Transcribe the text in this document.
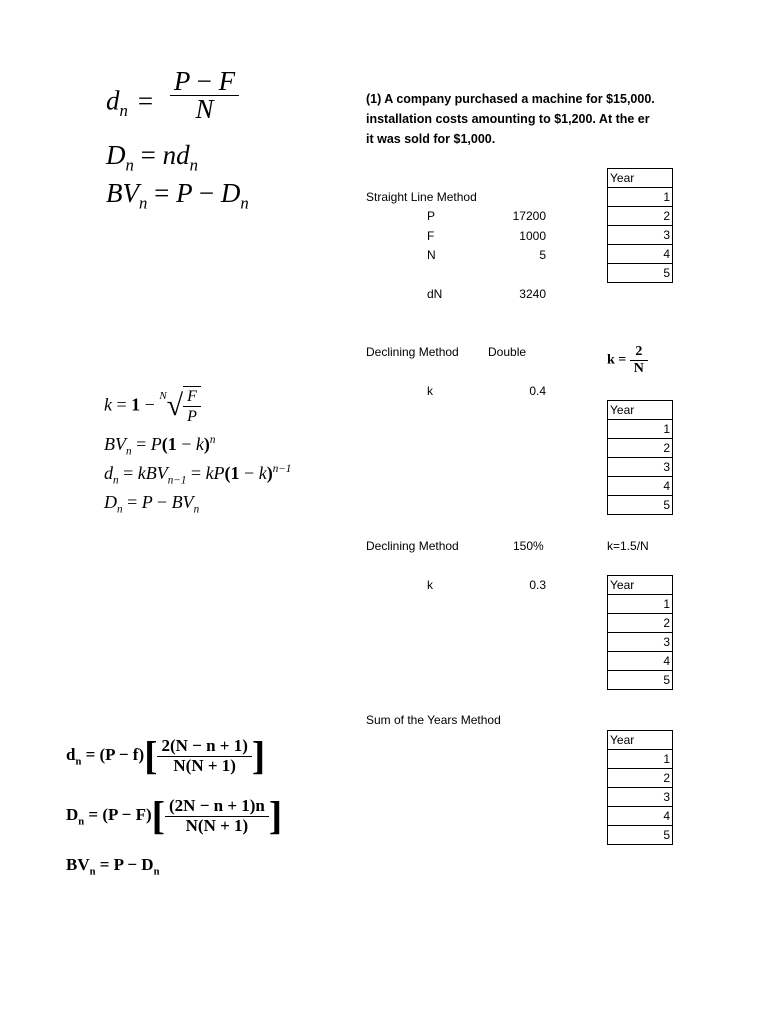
$d_n = \frac{P - F}{N}$
$D_n = nd_n$
$BV_n = P - D_n$
$k = 1 - ^N√ \frac{F}{P}$
$BV_n = P(1 - k)^n$
$d_n = kBV_{n-1} = kP(1 - k)^{n-1}$
$D_n = P - BV_n$
$d_n = (P - f)[ \frac{2(N - n + 1)}{N(N + 1)}$ ]
$D_n = (P - F)[ \frac{(2N - n + 1)n}{N(N + 1)}$ ]
$BV_n = P - D_n$
(1) A company purchased a machine for $15,000.
installation costs amounting to $1,200. At the er
it was sold for $1,000.
Straight Line Method
P	17200
F	1000
N	5
dN	3240
Year
1
2
3
4
5
Declining Method Double
$k = \frac{2}{N}$
k	0.4
Year
1
2
3
4
5
Declining Method	150%	k=1.5/N
k	0.3	Year
1
2
3
4
5
Sum of the Years Method
Year
1
2
3
4
5
